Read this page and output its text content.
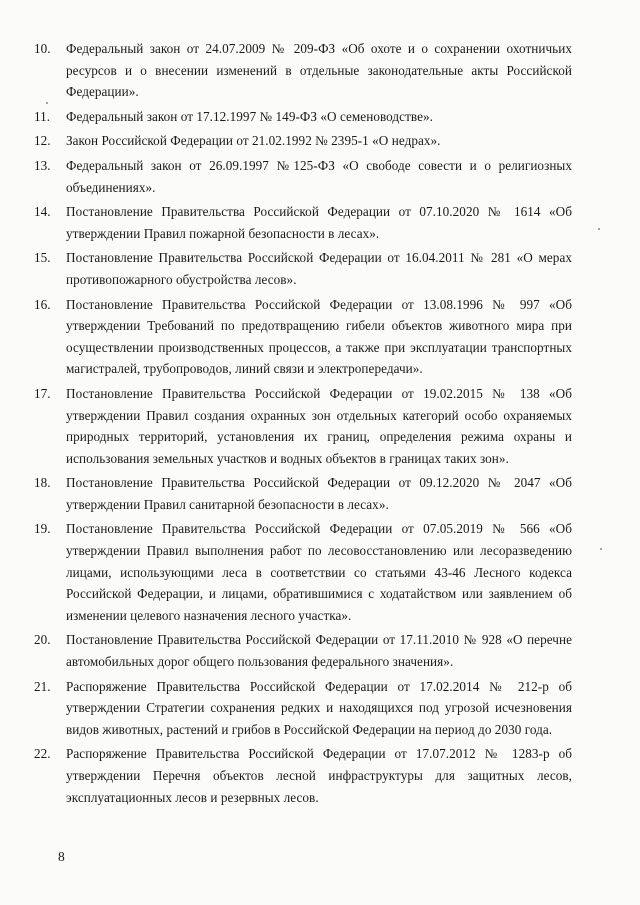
10.	Федеральный закон от 24.07.2009 № 209-ФЗ «Об охоте и о сохранении охотничьих ресурсов и о внесении изменений в отдельные законодательные акты Российской Федерации».
11.	Федеральный закон от 17.12.1997 № 149-ФЗ «О семеноводстве».
12.	Закон Российской Федерации от 21.02.1992 № 2395-1 «О недрах».
13.	Федеральный закон от 26.09.1997 №125-ФЗ «О свободе совести и о религиозных объединениях».
14.	Постановление Правительства Российской Федерации от 07.10.2020 № 1614 «Об утверждении Правил пожарной безопасности в лесах».
15.	Постановление Правительства Российской Федерации от 16.04.2011 № 281 «О мерах противопожарного обустройства лесов».
16.	Постановление Правительства Российской Федерации от 13.08.1996 № 997 «Об утверждении Требований по предотвращению гибели объектов животного мира при осуществлении производственных процессов, а также при эксплуатации транспортных магистралей, трубопроводов, линий связи и электропередачи».
17.	Постановление Правительства Российской Федерации от 19.02.2015 № 138 «Об утверждении Правил создания охранных зон отдельных категорий особо охраняемых природных территорий, установления их границ, определения режима охраны и использования земельных участков и водных объектов в границах таких зон».
18.	Постановление Правительства Российской Федерации от 09.12.2020 № 2047 «Об утверждении Правил санитарной безопасности в лесах».
19.	Постановление Правительства Российской Федерации от 07.05.2019 № 566 «Об утверждении Правил выполнения работ по лесовосстановлению или лесоразведению лицами, использующими леса в соответствии со статьями 43-46 Лесного кодекса Российской Федерации, и лицами, обратившимися с ходатайством или заявлением об изменении целевого назначения лесного участка».
20.	Постановление Правительства Российской Федерации от 17.11.2010 № 928 «О перечне автомобильных дорог общего пользования федерального значения».
21.	Распоряжение Правительства Российской Федерации от 17.02.2014 № 212-р об утверждении Стратегии сохранения редких и находящихся под угрозой исчезновения видов животных, растений и грибов в Российской Федерации на период до 2030 года.
22.	Распоряжение Правительства Российской Федерации от 17.07.2012 № 1283-р об утверждении Перечня объектов лесной инфраструктуры для защитных лесов, эксплуатационных лесов и резервных лесов.
8
